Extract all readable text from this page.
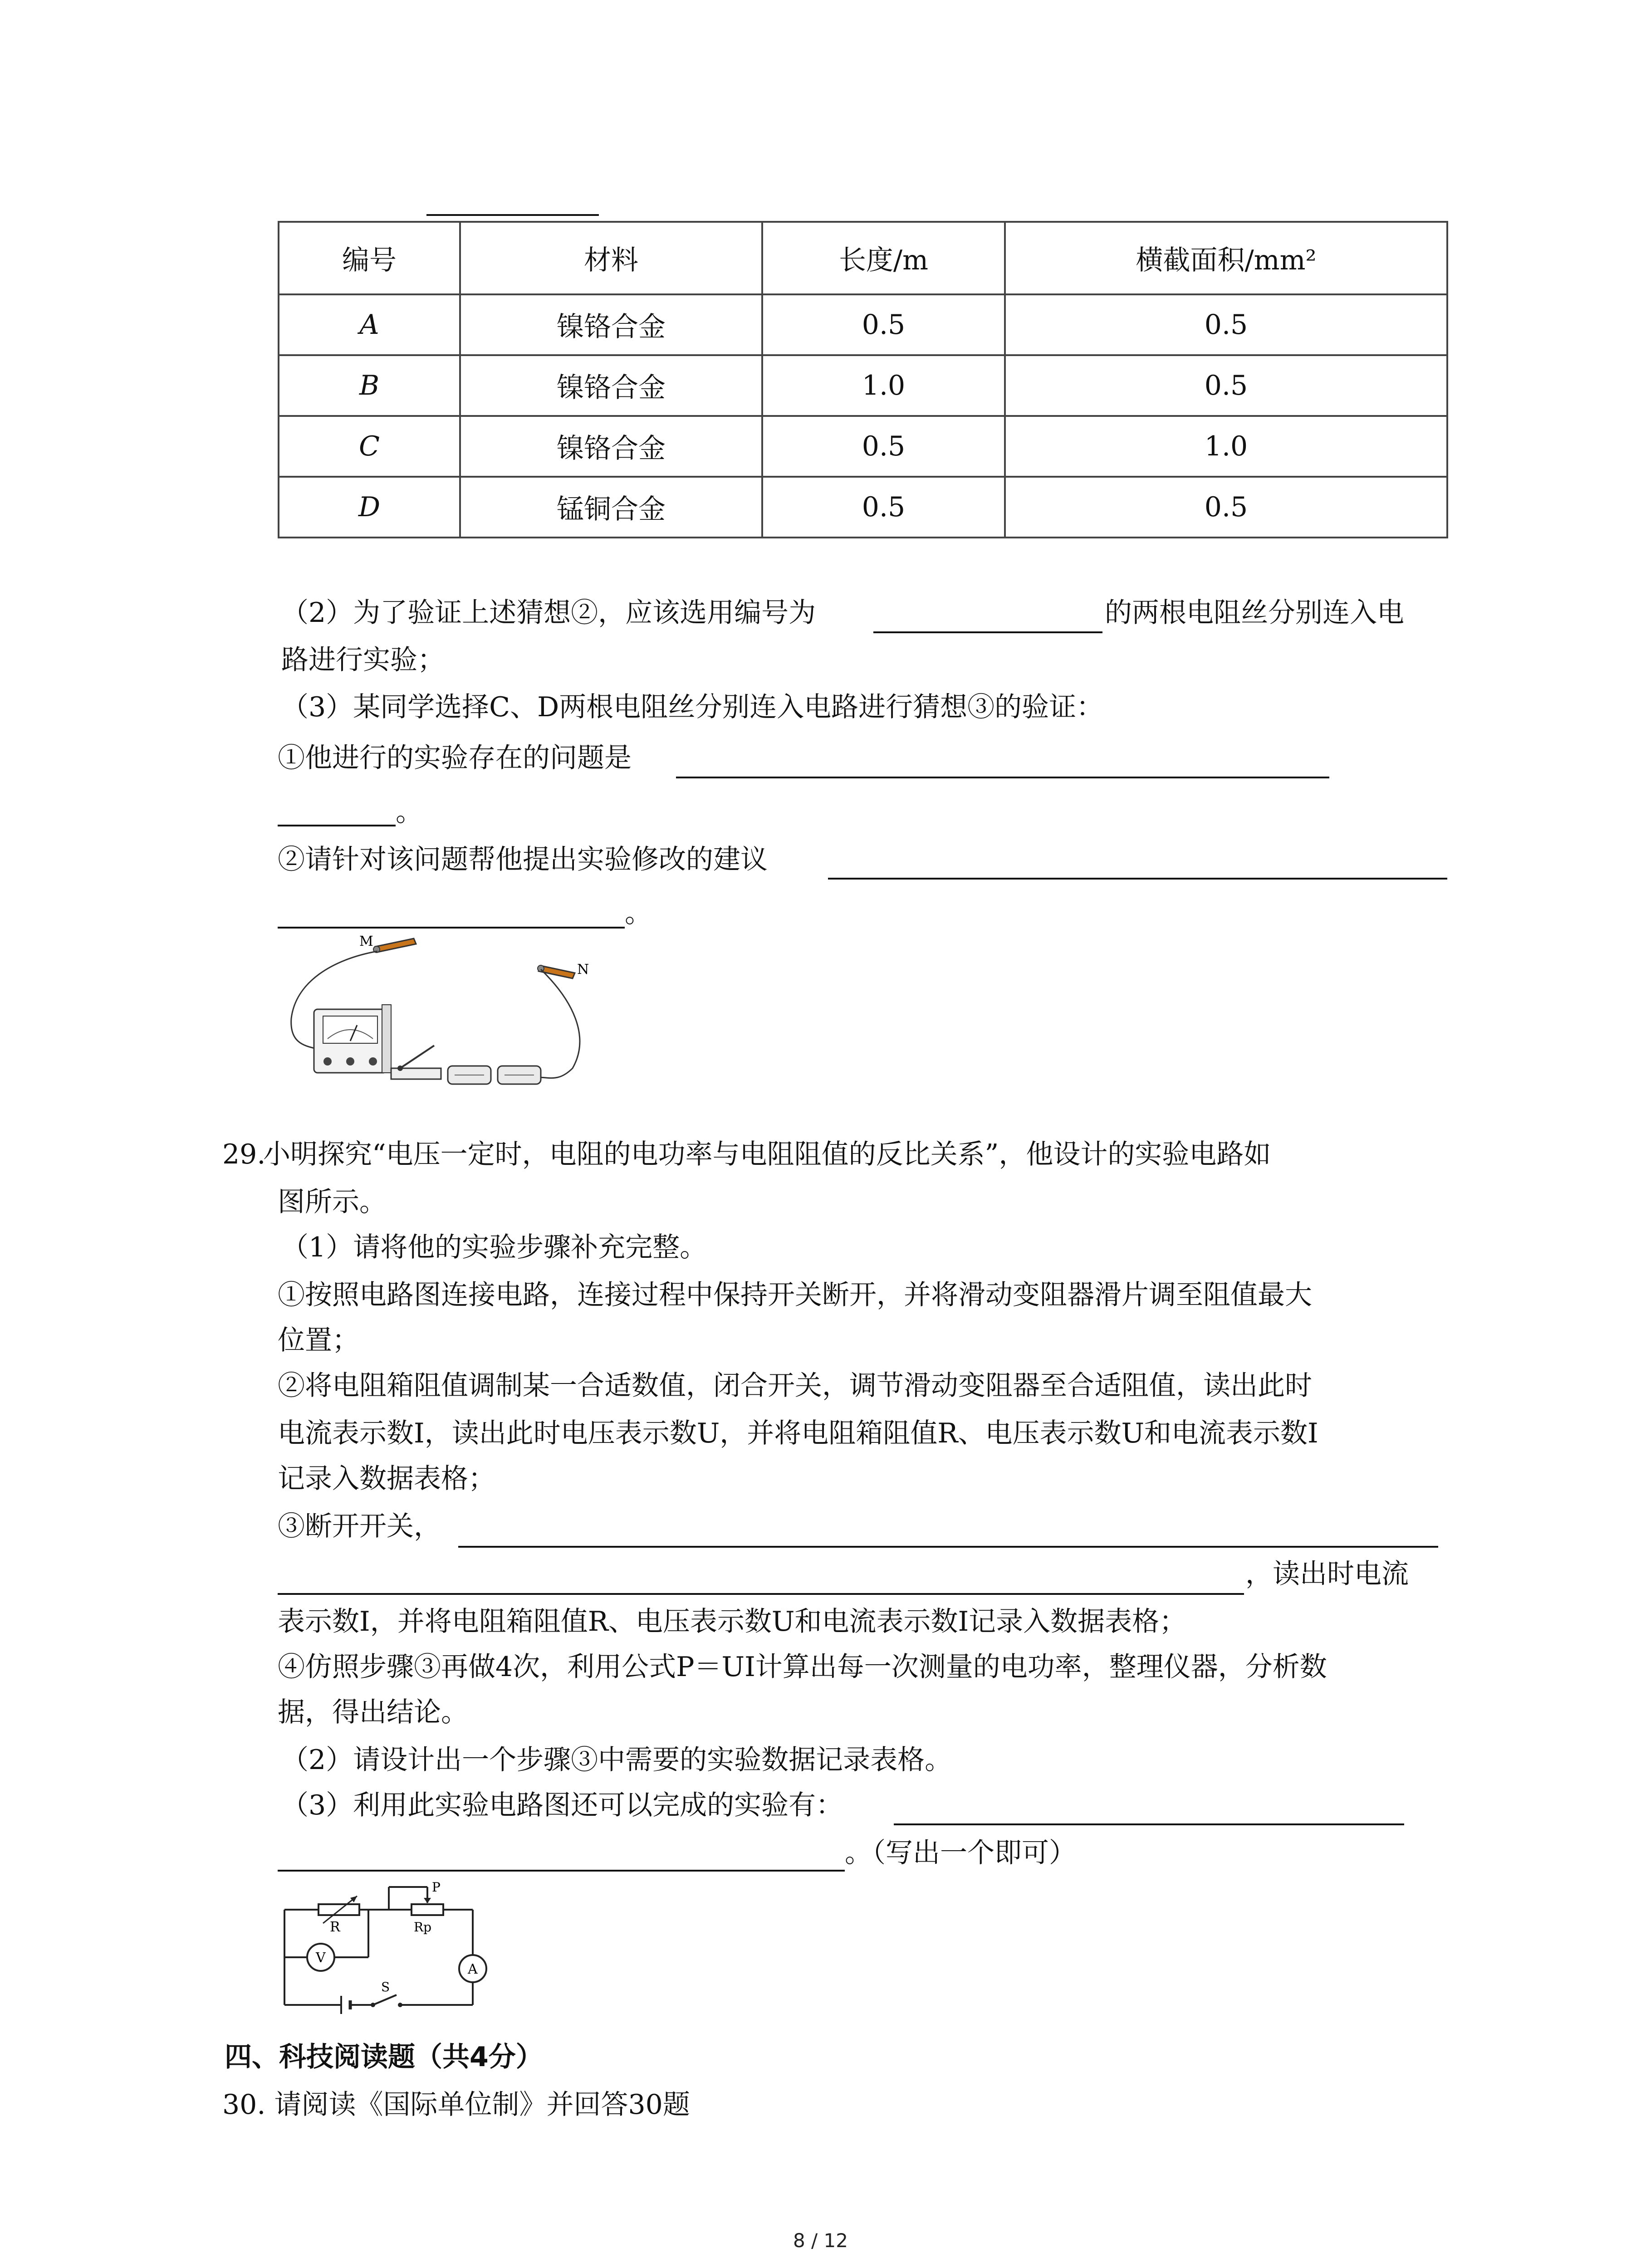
编号	材料	长度/m	横截面积/mm²
A	镍铬合金	0.5	0.5
B	镍铬合金	1.0	0.5
C	镍铬合金	0.5	1.0
D	锰铜合金	0.5	0.5
（2）为了验证上述猜想②，应该选用编号为	的两根电阻丝分别连入电
路进行实验；
（3）某同学选择C、D两根电阻丝分别连入电路进行猜想③的验证：
①他进行的实验存在的问题是
。
②请针对该问题帮他提出实验修改的建议
。
M
N
29.
小明探究“电压一定时，电阻的电功率与电阻阻值的反比关系”，他设计的实验电路如
图所示。
（1）请将他的实验步骤补充完整。
①按照电路图连接电路，连接过程中保持开关断开，并将滑动变阻器滑片调至阻值最大
位置；
②将电阻箱阻值调制某一合适数值，闭合开关，调节滑动变阻器至合适阻值，读出此时
电流表示数I，读出此时电压表示数U，并将电阻箱阻值R、电压表示数U和电流表示数I
记录入数据表格；
③断开开关，
，读出时电流
表示数I，并将电阻箱阻值R、电压表示数U和电流表示数I记录入数据表格；
④仿照步骤③再做4次，利用公式P＝UI计算出每一次测量的电功率，整理仪器，分析数
据，得出结论。
（2）请设计出一个步骤③中需要的实验数据记录表格。
（3）利用此实验电路图还可以完成的实验有：
。（写出一个即可）
R
P
Rp
V
A
S
四、科技阅读题（共4分）
30. 请阅读《国际单位制》并回答30题
8 / 12
